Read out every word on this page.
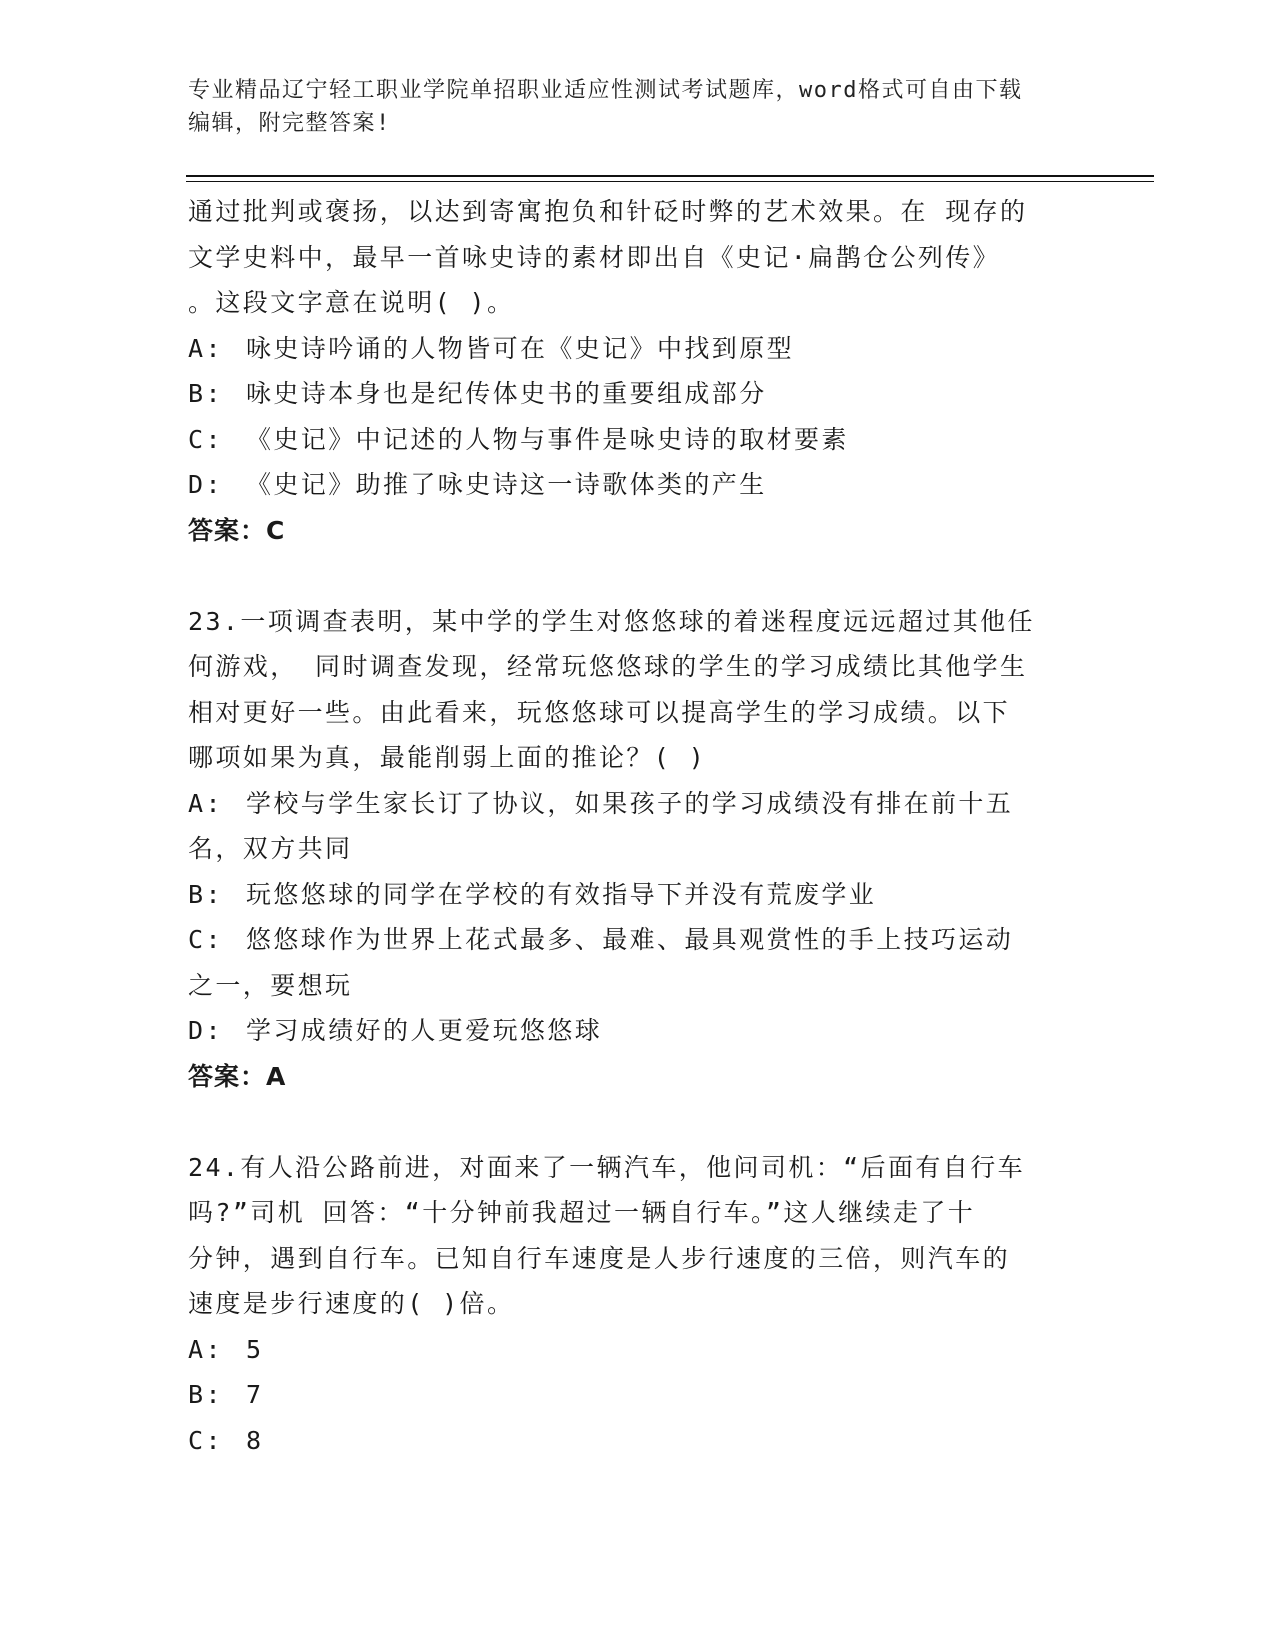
专业精品辽宁轻工职业学院单招职业适应性测试考试题库，word格式可自由下载
编辑，附完整答案!
通过批判或褒扬，以达到寄寓抱负和针砭时弊的艺术效果。在 现存的
文学史料中，最早一首咏史诗的素材即出自《史记·扁鹊仓公列传》
。这段文字意在说明( )。
A: 咏史诗吟诵的人物皆可在《史记》中找到原型
B: 咏史诗本身也是纪传体史书的重要组成部分
C: 《史记》中记述的人物与事件是咏史诗的取材要素
D: 《史记》助推了咏史诗这一诗歌体类的产生
答案：C
23.一项调查表明，某中学的学生对悠悠球的着迷程度远远超过其他任
何游戏， 同时调查发现，经常玩悠悠球的学生的学习成绩比其他学生
相对更好一些。由此看来，玩悠悠球可以提高学生的学习成绩。以下
哪项如果为真，最能削弱上面的推论？( )
A: 学校与学生家长订了协议，如果孩子的学习成绩没有排在前十五
名，双方共同
B: 玩悠悠球的同学在学校的有效指导下并没有荒废学业
C: 悠悠球作为世界上花式最多、最难、最具观赏性的手上技巧运动
之一，要想玩
D: 学习成绩好的人更爱玩悠悠球
答案：A
24.有人沿公路前进，对面来了一辆汽车，他问司机：“后面有自行车
吗?”司机 回答：“十分钟前我超过一辆自行车。”这人继续走了十
分钟，遇到自行车。已知自行车速度是人步行速度的三倍，则汽车的
速度是步行速度的( )倍。
A: 5
B: 7
C: 8
